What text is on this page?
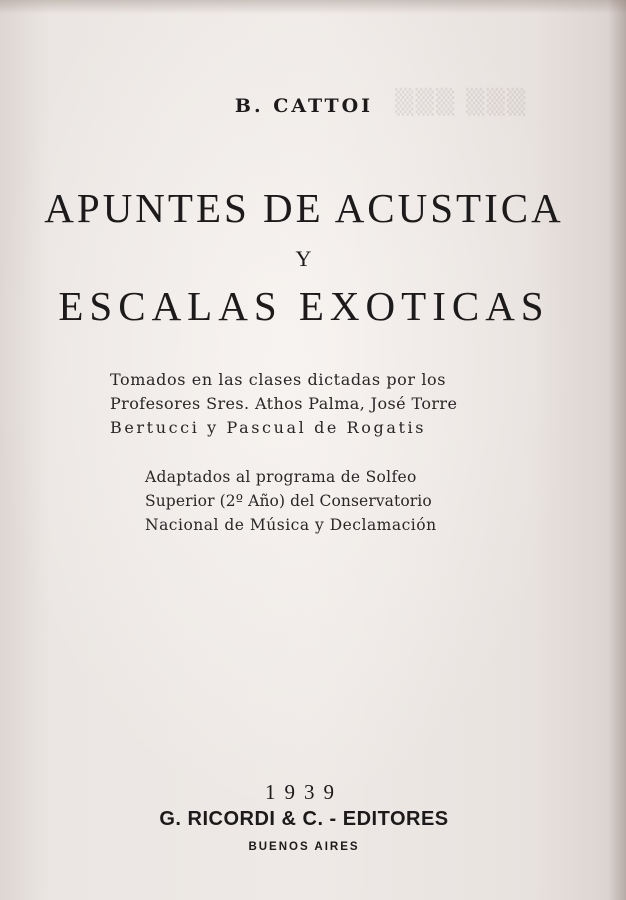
▒▒▒ ▒▒▒
B. CATTOI
APUNTES DE ACUSTICA
Y
ESCALAS EXOTICAS
Tomados en las clases dictadas por los
Profesores Sres. Athos Palma, José Torre
Bertucci y Pascual de Rogatis
Adaptados al programa de Solfeo
Superior (2º Año) del Conservatorio
Nacional de Música y Declamación
1939
G. RICORDI & C. - EDITORES
BUENOS AIRES
